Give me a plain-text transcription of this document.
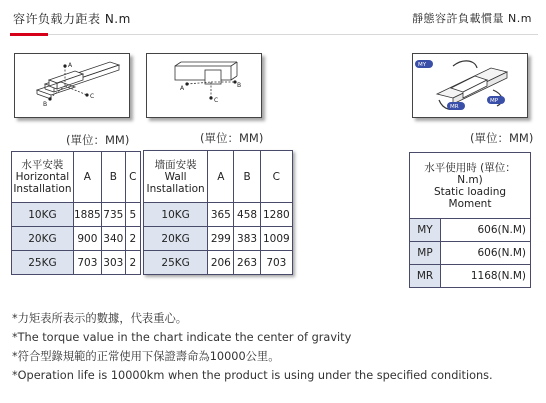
容许负载力距表 N.m	靜態容許負載慣量 N.m
A
B
C
A	B
C
MY
MR
MP
(單位：MM)	(單位：MM)	(單位：MM)
水平安裝
Horizontal
Installation	A	B	C
10KG	1885	735	5
20KG	900	340	2
25KG	703	303	2
墻面安裝
Wall
Installation	A	B	C
10KG	365	458	1280
20KG	299	383	1009
25KG	206	263	703
水平使用時 (單位：
N.m)
Static loading
Moment	
MY	606(N.M)
MP	606(N.M)
MR	1168(N.M)
*力矩表所表示的數據，代表重心。
*The torque value in the chart indicate the center of gravity
*符合型錄規範的正常使用下保證壽命為10000公里。
*Operation life is 10000km when the product is using under the specified conditions.
